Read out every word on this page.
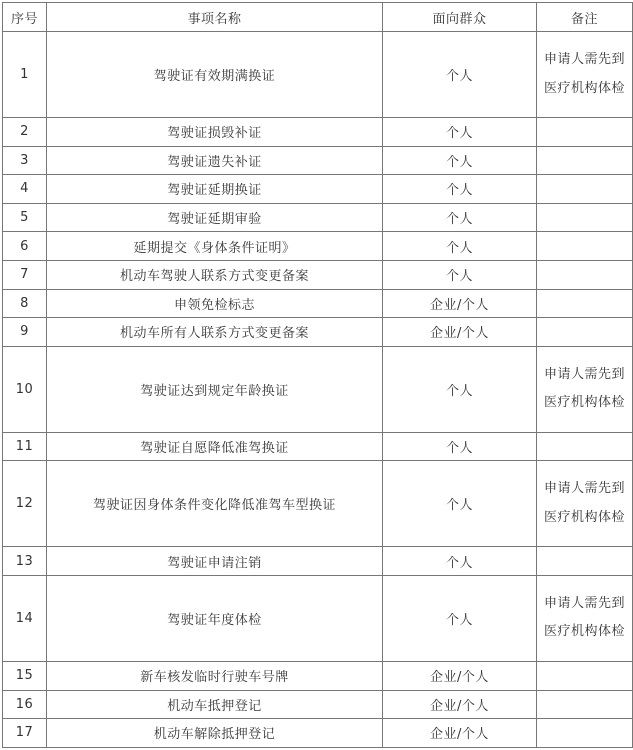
序号	事项名称	面向群众	备注
1	驾驶证有效期满换证	个人	申请人需先到医疗机构体检
2	驾驶证损毁补证	个人	
3	驾驶证遗失补证	个人	
4	驾驶证延期换证	个人	
5	驾驶证延期审验	个人	
6	延期提交《身体条件证明》	个人	
7	机动车驾驶人联系方式变更备案	个人	
8	申领免检标志	企业/个人	
9	机动车所有人联系方式变更备案	企业/个人	
10	驾驶证达到规定年龄换证	个人	申请人需先到医疗机构体检
11	驾驶证自愿降低准驾换证	个人	
12	驾驶证因身体条件变化降低准驾车型换证	个人	申请人需先到医疗机构体检
13	驾驶证申请注销	个人	
14	驾驶证年度体检	个人	申请人需先到医疗机构体检
15	新车核发临时行驶车号牌	企业/个人	
16	机动车抵押登记	企业/个人	
17	机动车解除抵押登记	企业/个人	
